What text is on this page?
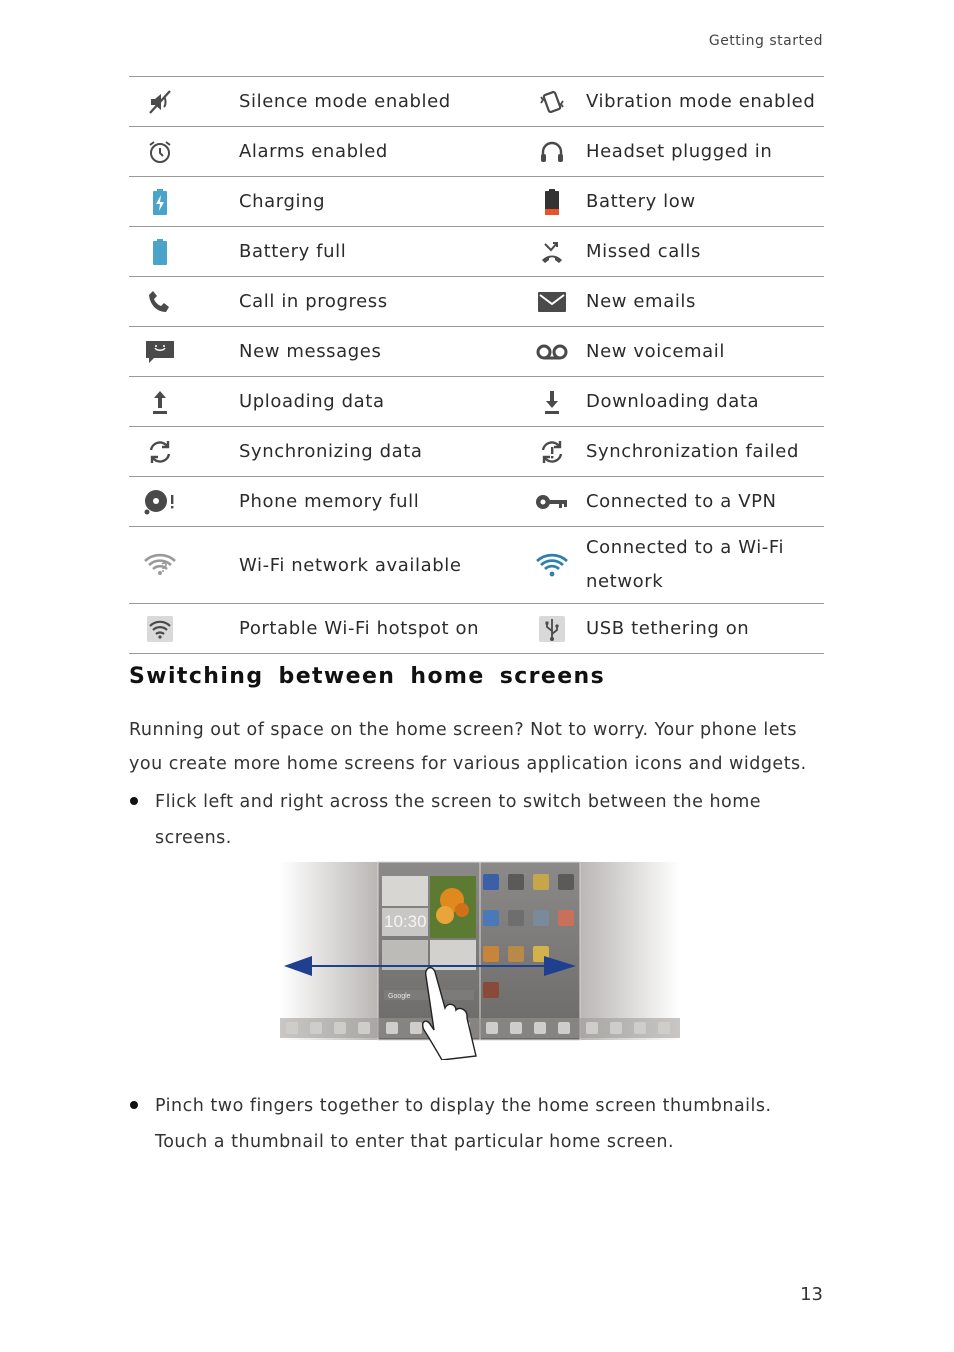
Getting started
	Silence mode enabled		Vibration mode enabled

	Alarms enabled		Headset plugged in

	Charging		Battery low

	Battery full		Missed calls

	Call in progress		New emails

	New messages		New voicemail

	Uploading data		Downloading data

	Synchronizing data		Synchronization failed

	Phone memory full		Connected to a VPN

	Wi-Fi network available		Connected to a Wi-Fi network

	Portable Wi-Fi hotspot on		USB tethering on
Switching between home screens

Running out of space on the home screen? Not to worry. Your phone lets you create more home screens for various application icons and widgets.

Flick left and right across the screen to switch between the home screens.

10:30
Google

Pinch two fingers together to display the home screen thumbnails. Touch a thumbnail to enter that particular home screen.

13
